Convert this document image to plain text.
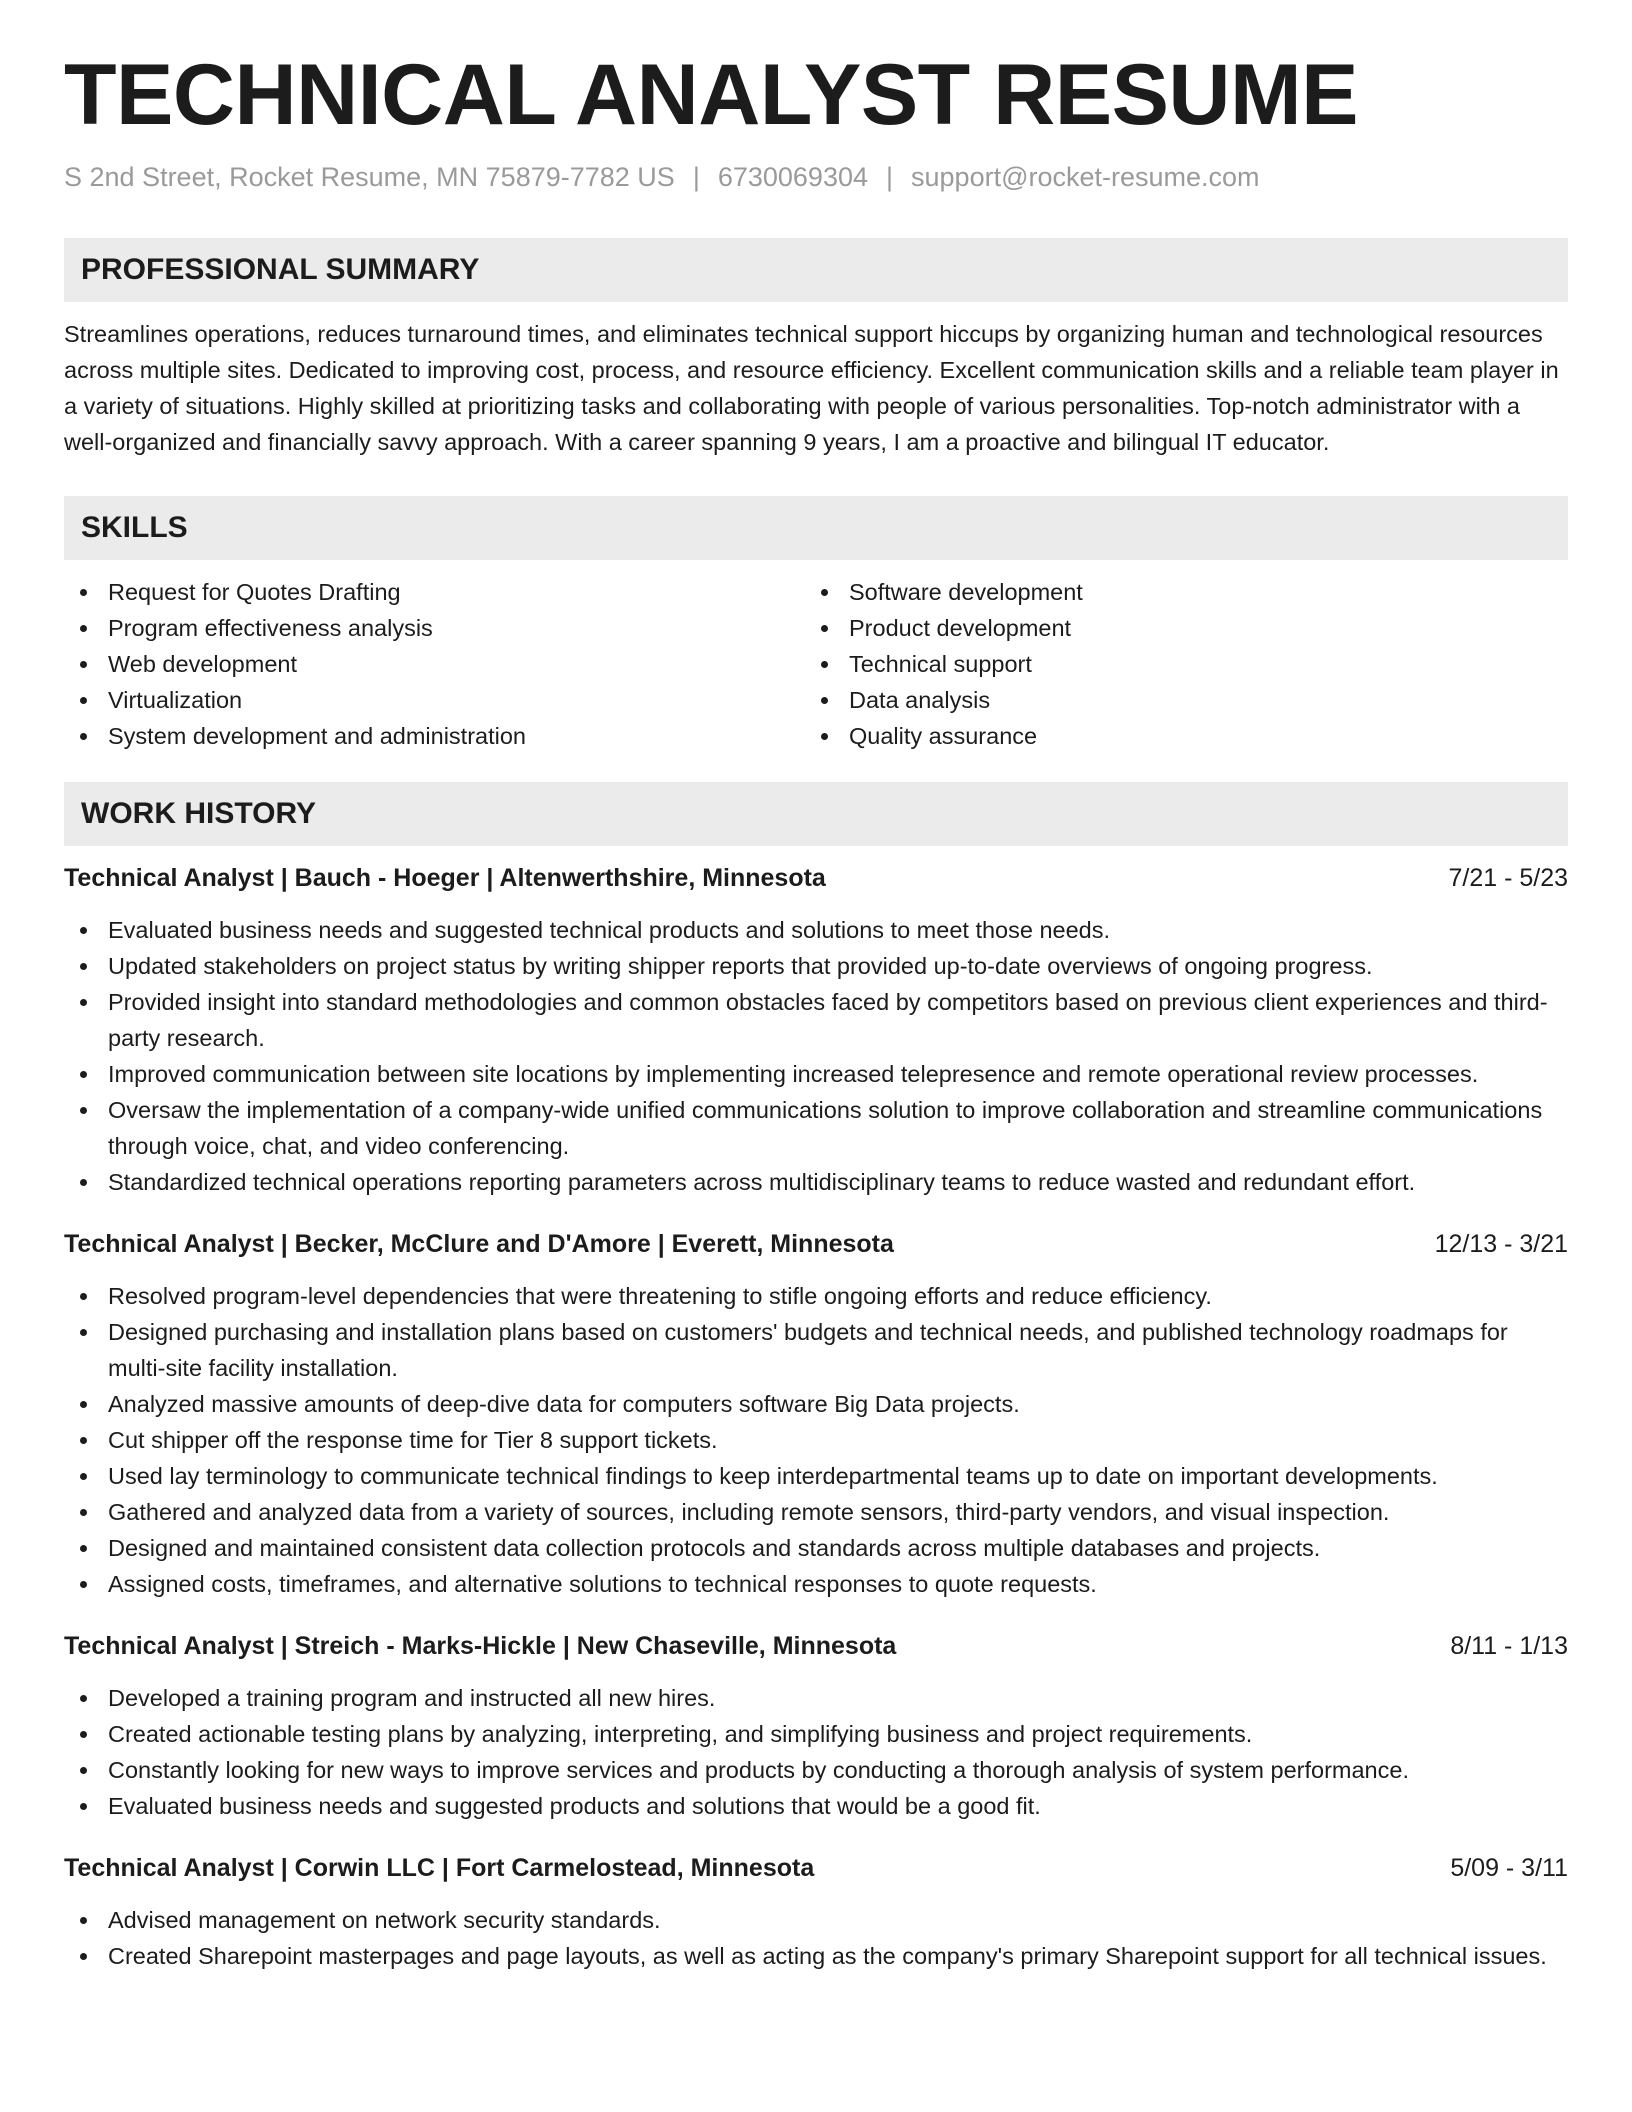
TECHNICAL ANALYST RESUME
S 2nd Street, Rocket Resume, MN 75879-7782 US | 6730069304 | support@rocket-resume.com
PROFESSIONAL SUMMARY

Streamlines operations, reduces turnaround times, and eliminates technical support hiccups by organizing human and technological resources across multiple sites. Dedicated to improving cost, process, and resource efficiency. Excellent communication skills and a reliable team player in a variety of situations. Highly skilled at prioritizing tasks and collaborating with people of various personalities. Top-notch administrator with a well-organized and financially savvy approach. With a career spanning 9 years, I am a proactive and bilingual IT educator.

SKILLS
Request for Quotes Drafting
Program effectiveness analysis
Web development
Virtualization
System development and administration
Software development
Product development
Technical support
Data analysis
Quality assurance
WORK HISTORY
Technical Analyst | Bauch - Hoeger | Altenwerthshire, Minnesota	7/21 - 5/23
Evaluated business needs and suggested technical products and solutions to meet those needs.
Updated stakeholders on project status by writing shipper reports that provided up-to-date overviews of ongoing progress.
Provided insight into standard methodologies and common obstacles faced by competitors based on previous client experiences and third-party research.
Improved communication between site locations by implementing increased telepresence and remote operational review processes.
Oversaw the implementation of a company-wide unified communications solution to improve collaboration and streamline communications through voice, chat, and video conferencing.
Standardized technical operations reporting parameters across multidisciplinary teams to reduce wasted and redundant effort.
Technical Analyst | Becker, McClure and D'Amore | Everett, Minnesota	12/13 - 3/21
Resolved program-level dependencies that were threatening to stifle ongoing efforts and reduce efficiency.
Designed purchasing and installation plans based on customers' budgets and technical needs, and published technology roadmaps for multi-site facility installation.
Analyzed massive amounts of deep-dive data for computers software Big Data projects.
Cut shipper off the response time for Tier 8 support tickets.
Used lay terminology to communicate technical findings to keep interdepartmental teams up to date on important developments.
Gathered and analyzed data from a variety of sources, including remote sensors, third-party vendors, and visual inspection.
Designed and maintained consistent data collection protocols and standards across multiple databases and projects.
Assigned costs, timeframes, and alternative solutions to technical responses to quote requests.
Technical Analyst | Streich - Marks-Hickle | New Chaseville, Minnesota	8/11 - 1/13
Developed a training program and instructed all new hires.
Created actionable testing plans by analyzing, interpreting, and simplifying business and project requirements.
Constantly looking for new ways to improve services and products by conducting a thorough analysis of system performance.
Evaluated business needs and suggested products and solutions that would be a good fit.
Technical Analyst | Corwin LLC | Fort Carmelostead, Minnesota	5/09 - 3/11
Advised management on network security standards.
Created Sharepoint masterpages and page layouts, as well as acting as the company's primary Sharepoint support for all technical issues.
